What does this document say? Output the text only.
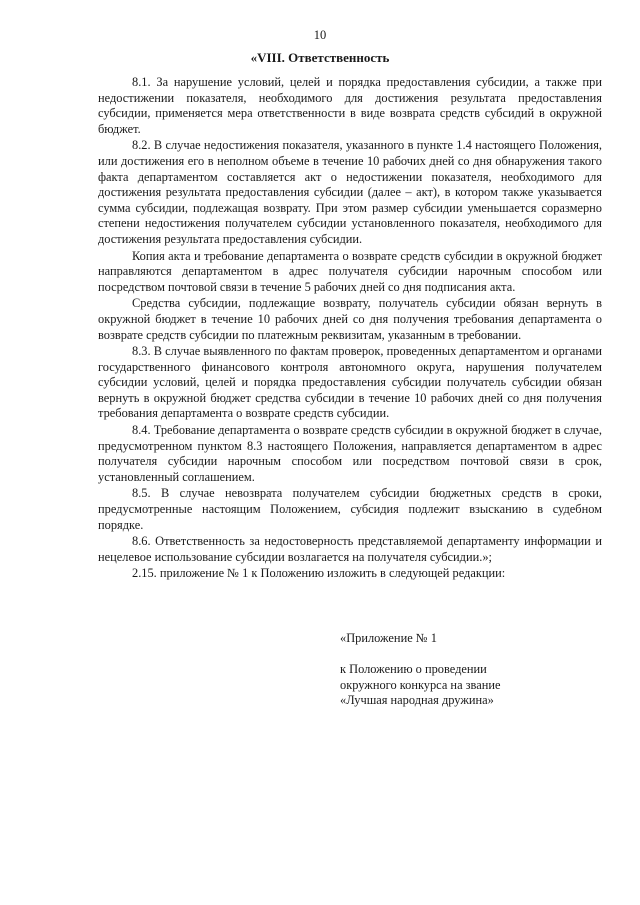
10
«VIII. Ответственность

8.1. За нарушение условий, целей и порядка предоставления субсидии, а также при недостижении показателя, необходимого для достижения результата предоставления субсидии, применяется мера ответственности в виде возврата средств субсидий в окружной бюджет.

8.2. В случае недостижения показателя, указанного в пункте 1.4 настоящего Положения, или достижения его в неполном объеме в течение 10 рабочих дней со дня обнаружения такого факта департаментом составляется акт о недостижении показателя, необходимого для достижения результата предоставления субсидии (далее – акт), в котором также указывается сумма субсидии, подлежащая возврату. При этом размер субсидии уменьшается соразмерно степени недостижения получателем субсидии установленного показателя, необходимого для достижения результата предоставления субсидии.

Копия акта и требование департамента о возврате средств субсидии в окружной бюджет направляются департаментом в адрес получателя субсидии нарочным способом или посредством почтовой связи в течение 5 рабочих дней со дня подписания акта.

Средства субсидии, подлежащие возврату, получатель субсидии обязан вернуть в окружной бюджет в течение 10 рабочих дней со дня получения требования департамента о возврате средств субсидии по платежным реквизитам, указанным в требовании.

8.3. В случае выявленного по фактам проверок, проведенных департаментом и органами государственного финансового контроля автономного округа, нарушения получателем субсидии условий, целей и порядка предоставления субсидии получатель субсидии обязан вернуть в окружной бюджет средства субсидии в течение 10 рабочих дней со дня получения требования департамента о возврате средств субсидии.

8.4. Требование департамента о возврате средств субсидии в окружной бюджет в случае, предусмотренном пунктом 8.3 настоящего Положения, направляется департаментом в адрес получателя субсидии нарочным способом или посредством почтовой связи в срок, установленный соглашением.

8.5. В случае невозврата получателем субсидии бюджетных средств в сроки, предусмотренные настоящим Положением, субсидия подлежит взысканию в судебном порядке.

8.6. Ответственность за недостоверность представляемой департаменту информации и нецелевое использование субсидии возлагается на получателя субсидии.»;

2.15. приложение № 1 к Положению изложить в следующей редакции:

«Приложение № 1
к Положению о проведении
окружного конкурса на звание
«Лучшая народная дружина»
